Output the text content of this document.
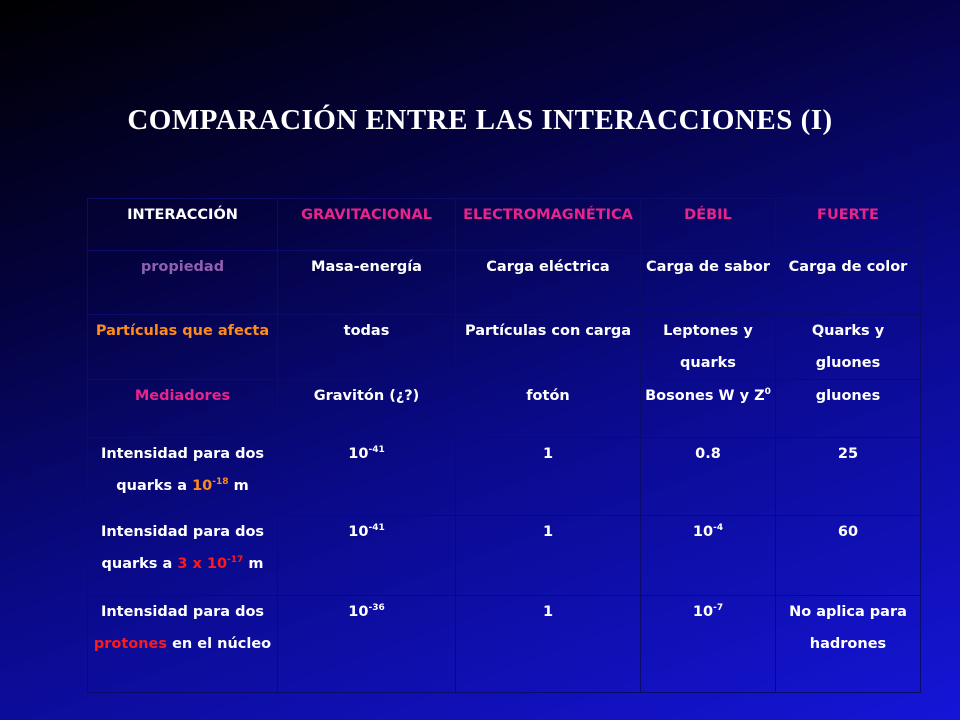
COMPARACIÓN ENTRE LAS INTERACCIONES (I)
INTERACCIÓN	GRAVITACIONAL	ELECTROMAGNÉTICA	DÉBIL	FUERTE
propiedad	Masa-energía	Carga eléctrica	Carga de sabor	Carga de color
Partículas que afecta	todas	Partículas con carga	Leptones y quarks	Quarks y gluones
Mediadores	Gravitón (¿?)	fotón	Bosones W y $Z^0$	gluones
Intensidad para dos quarks a $10^{-18}$ m	$10^{-41}$	1	0.8	25
Intensidad para dos quarks a 3 x $10^{-17}$ m	$10^{-41}$	1	$10^{-4}$	60
Intensidad para dos protones en el núcleo	$10^{-36}$	1	$10^{-7}$	No aplica para hadrones
